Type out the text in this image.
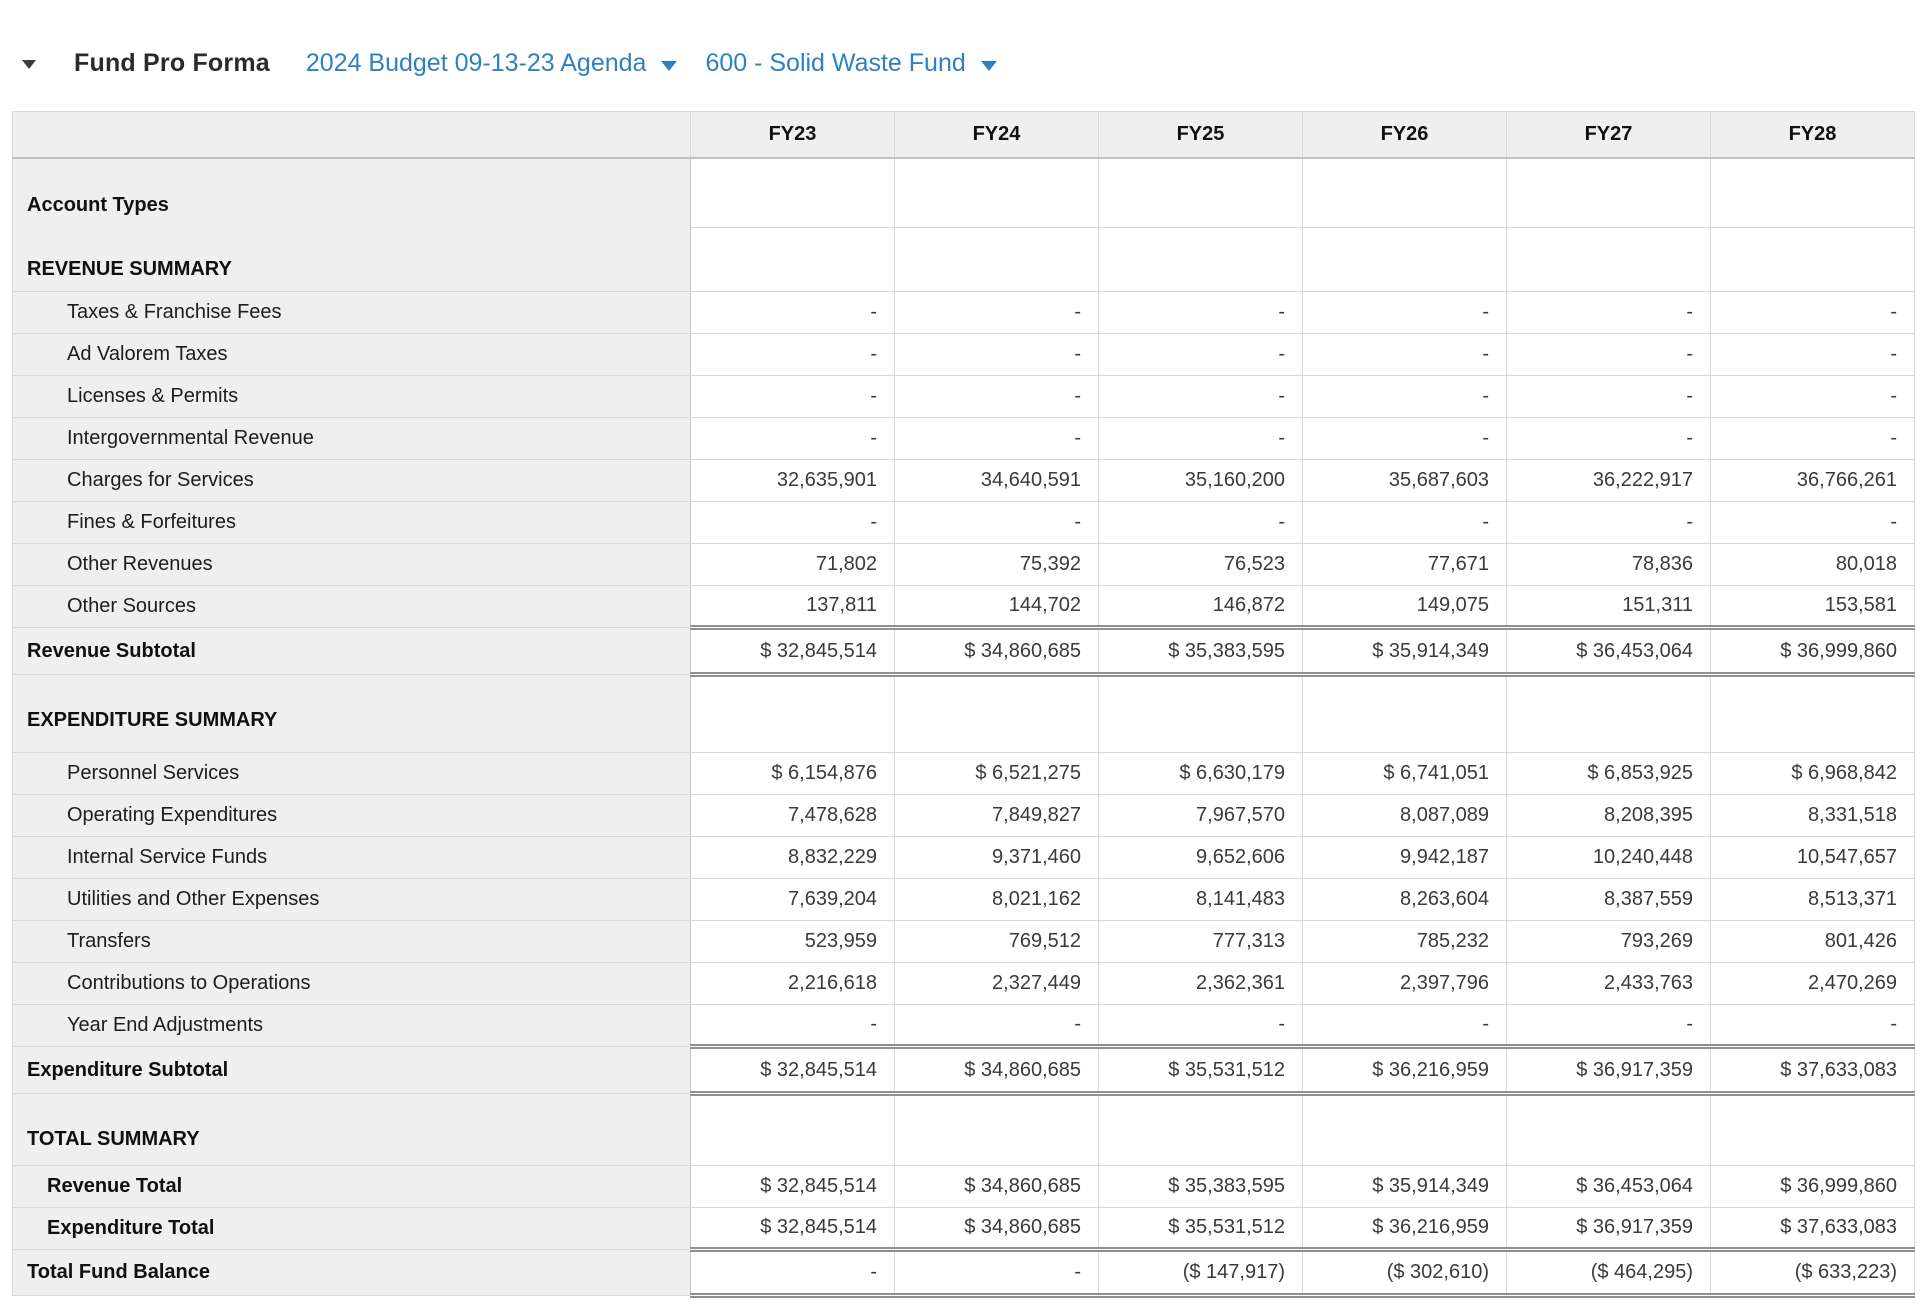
Fund Pro Forma 2024 Budget 09-13-23 Agenda 600 - Solid Waste Fund
	FY23	FY24	FY25	FY26	FY27	FY28

Account Types
REVENUE SUMMARY						

Taxes & Franchise Fees	-	-	-	-	-	-
Ad Valorem Taxes	-	-	-	-	-	-
Licenses & Permits	-	-	-	-	-	-
Intergovernmental Revenue	-	-	-	-	-	-
Charges for Services	32,635,901	34,640,591	35,160,200	35,687,603	36,222,917	36,766,261
Fines & Forfeitures	-	-	-	-	-	-
Other Revenues	71,802	75,392	76,523	77,671	78,836	80,018
Other Sources	137,811	144,702	146,872	149,075	151,311	153,581
Revenue Subtotal	$ 32,845,514	$ 34,860,685	$ 35,383,595	$ 35,914,349	$ 36,453,064	$ 36,999,860
EXPENDITURE SUMMARY						
Personnel Services	$ 6,154,876	$ 6,521,275	$ 6,630,179	$ 6,741,051	$ 6,853,925	$ 6,968,842
Operating Expenditures	7,478,628	7,849,827	7,967,570	8,087,089	8,208,395	8,331,518
Internal Service Funds	8,832,229	9,371,460	9,652,606	9,942,187	10,240,448	10,547,657
Utilities and Other Expenses	7,639,204	8,021,162	8,141,483	8,263,604	8,387,559	8,513,371
Transfers	523,959	769,512	777,313	785,232	793,269	801,426
Contributions to Operations	2,216,618	2,327,449	2,362,361	2,397,796	2,433,763	2,470,269
Year End Adjustments	-	-	-	-	-	-
Expenditure Subtotal	$ 32,845,514	$ 34,860,685	$ 35,531,512	$ 36,216,959	$ 36,917,359	$ 37,633,083
TOTAL SUMMARY						
Revenue Total	$ 32,845,514	$ 34,860,685	$ 35,383,595	$ 35,914,349	$ 36,453,064	$ 36,999,860
Expenditure Total	$ 32,845,514	$ 34,860,685	$ 35,531,512	$ 36,216,959	$ 36,917,359	$ 37,633,083
Total Fund Balance	-	-	($ 147,917)	($ 302,610)	($ 464,295)	($ 633,223)
